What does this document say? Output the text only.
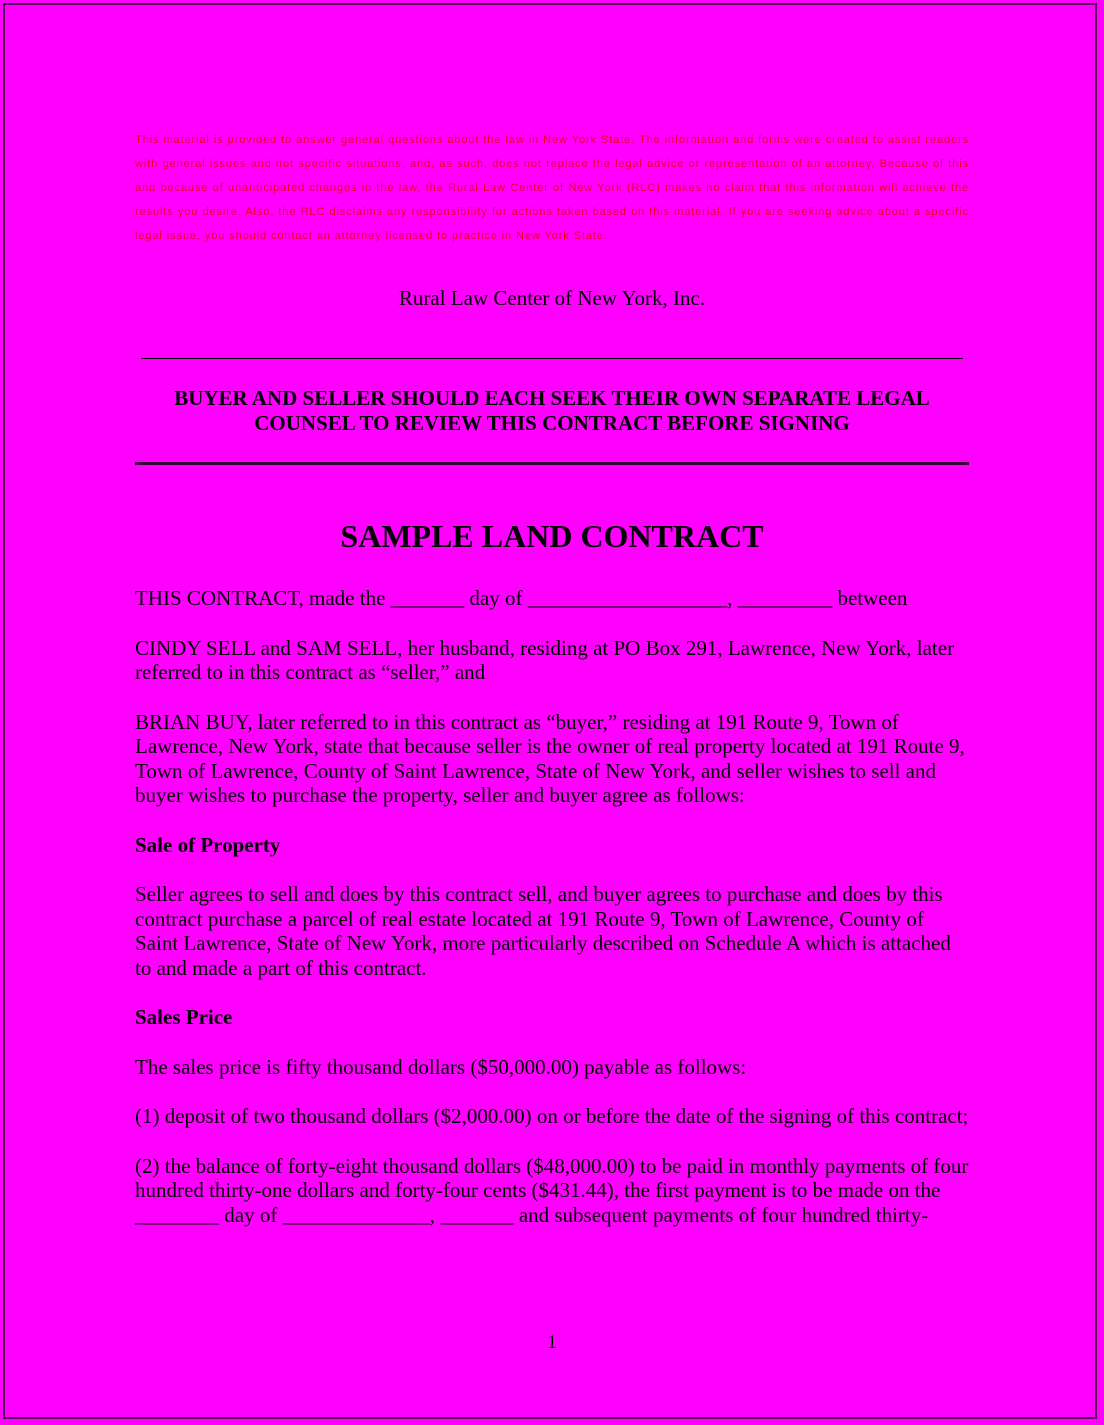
This material is provided to answer general questions about the law in New York State. The information and forms were created to assist readers with general issues and not specific situations, and, as such, does not replace the legal advice or representation of an attorney. Because of this and because of unanticipated changes in the law, the Rural Law Center of New York (RLC) makes no claim that this information will achieve the results you desire. Also, the RLC disclaims any responsibility for actions taken based on this material. If you are seeking advice about a specific legal issue, you should contact an attorney licensed to practice in New York State.

Rural Law Center of New York, Inc.
BUYER AND SELLER SHOULD EACH SEEK THEIR OWN SEPARATE LEGAL
COUNSEL TO REVIEW THIS CONTRACT BEFORE SIGNING
SAMPLE LAND CONTRACT

THIS CONTRACT, made the _______ day of ___________________, _________ between

CINDY SELL and SAM SELL, her husband, residing at PO Box 291, Lawrence, New York, later referred to in this contract as “seller,” and

BRIAN BUY, later referred to in this contract as “buyer,” residing at 191 Route 9, Town of Lawrence, New York, state that because seller is the owner of real property located at 191 Route 9, Town of Lawrence, County of Saint Lawrence, State of New York, and seller wishes to sell and buyer wishes to purchase the property, seller and buyer agree as follows:

Sale of Property

Seller agrees to sell and does by this contract sell, and buyer agrees to purchase and does by this contract purchase a parcel of real estate located at 191 Route 9, Town of Lawrence, County of Saint Lawrence, State of New York, more particularly described on Schedule A which is attached to and made a part of this contract.

Sales Price

The sales price is fifty thousand dollars ($50,000.00) payable as follows:

(1) deposit of two thousand dollars ($2,000.00) on or before the date of the signing of this contract;

(2) the balance of forty-eight thousand dollars ($48,000.00) to be paid in monthly payments of four hundred thirty-one dollars and forty-four cents ($431.44), the first payment is to be made on the ________ day of ______________, _______ and subsequent payments of four hundred thirty-

1
